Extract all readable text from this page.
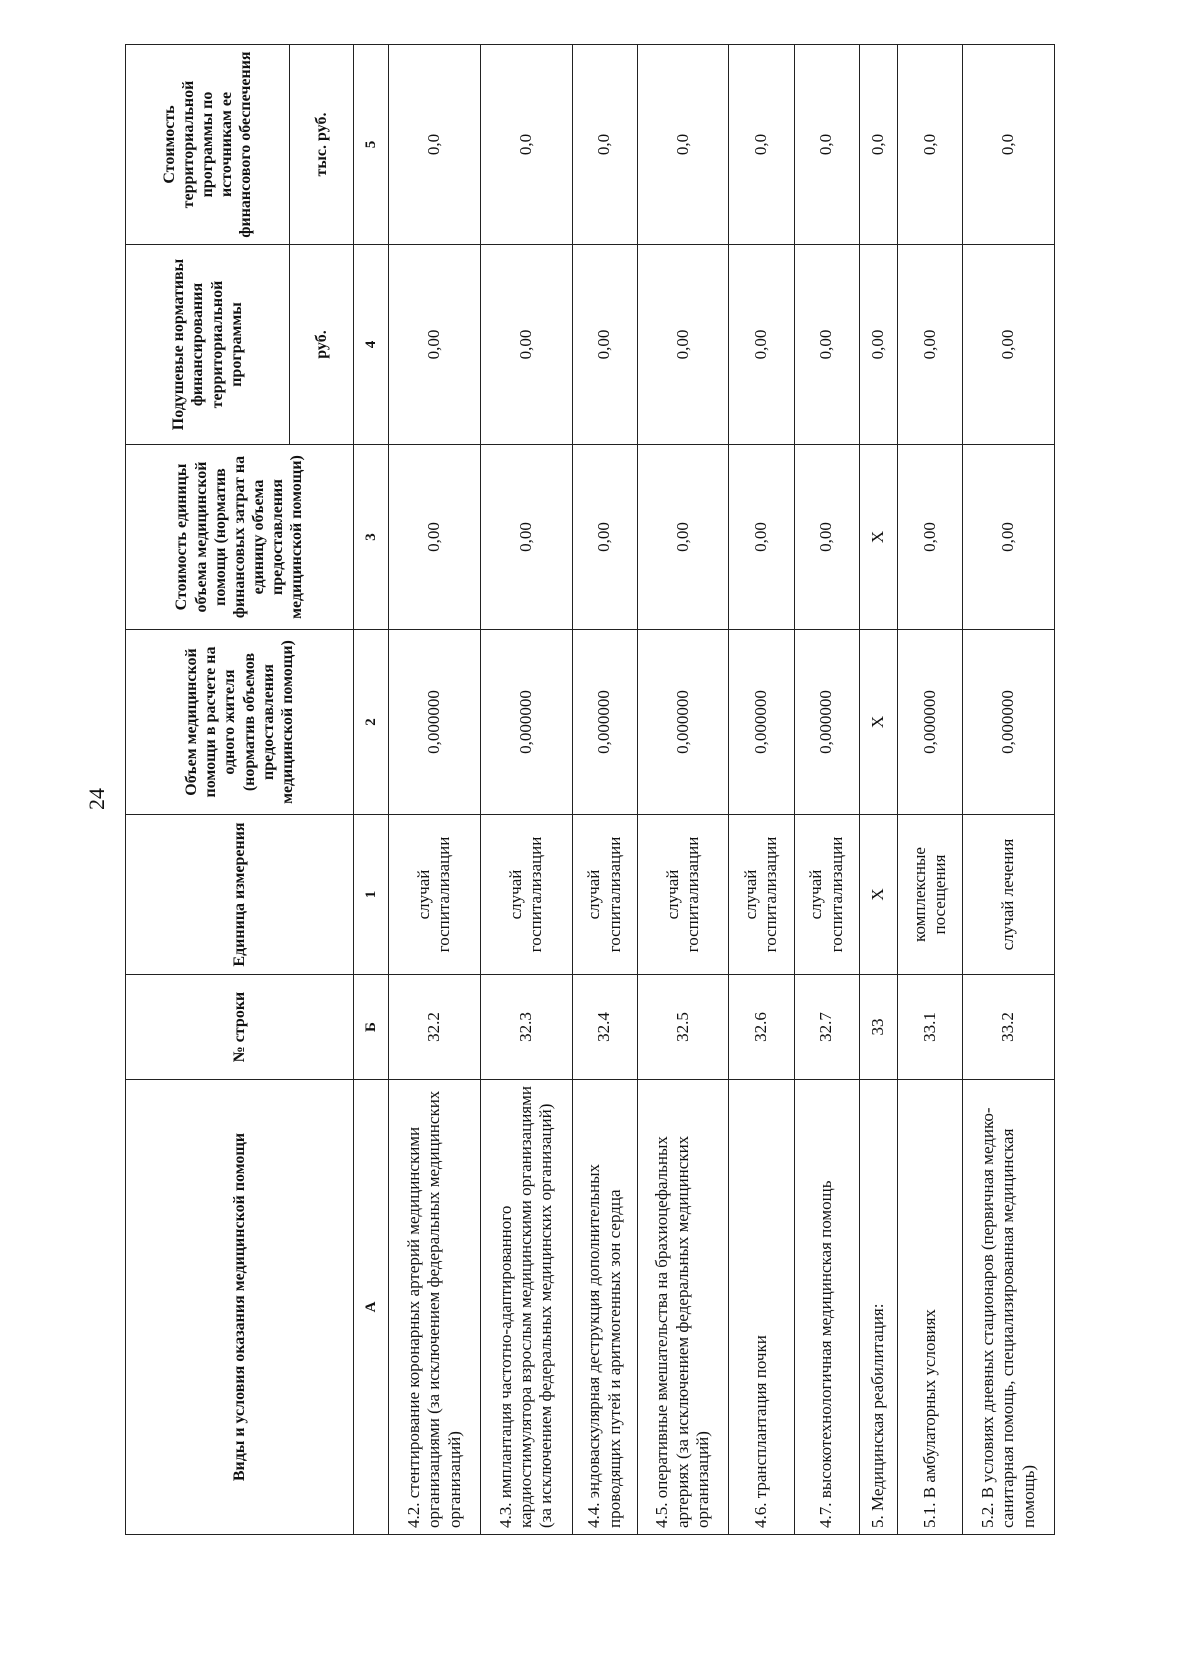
24
Виды и условия оказания медицинской помощи	№ строки	Единица измерения	Объем медицинской помощи в расчете на одного жителя (норматив объемов предоставления медицинской помощи)	Стоимость единицы объема медицинской помощи (норматив финансовых затрат на единицу объема предоставления медицинской помощи)	Подушевые нормативы финансирования территориальной программы	Стоимость территориальной программы по источникам ее финансового обеспечения
					руб.	тыс. руб.
А	Б	1	2	3	4	5
4.2. стентирование коронарных артерий медицинскими организациями (за исключением федеральных медицинских организаций)	32.2	случай госпитализации	0,000000	0,00	0,00	0,0
4.3. имплантация частотно-адаптированного кардиостимулятора взрослым медицинскими организациями (за исключением федеральных медицинских организаций)	32.3	случай госпитализации	0,000000	0,00	0,00	0,0
4.4. эндоваскулярная деструкция дополнительных проводящих путей и аритмогенных зон сердца	32.4	случай госпитализации	0,000000	0,00	0,00	0,0
4.5. оперативные вмешательства на брахиоцефальных артериях (за исключением федеральных медицинских организаций)	32.5	случай госпитализации	0,000000	0,00	0,00	0,0
4.6. трансплантация почки	32.6	случай госпитализации	0,000000	0,00	0,00	0,0
4.7. высокотехнологичная медицинская помощь	32.7	случай госпитализации	0,000000	0,00	0,00	0,0
5. Медицинская реабилитация:	33	Х	Х	Х	0,00	0,0
5.1. В амбулаторных условиях	33.1	комплексные посещения	0,000000	0,00	0,00	0,0
5.2. В условиях дневных стационаров (первичная медико-санитарная помощь, специализированная медицинская помощь)	33.2	случай лечения	0,000000	0,00	0,00	0,0
